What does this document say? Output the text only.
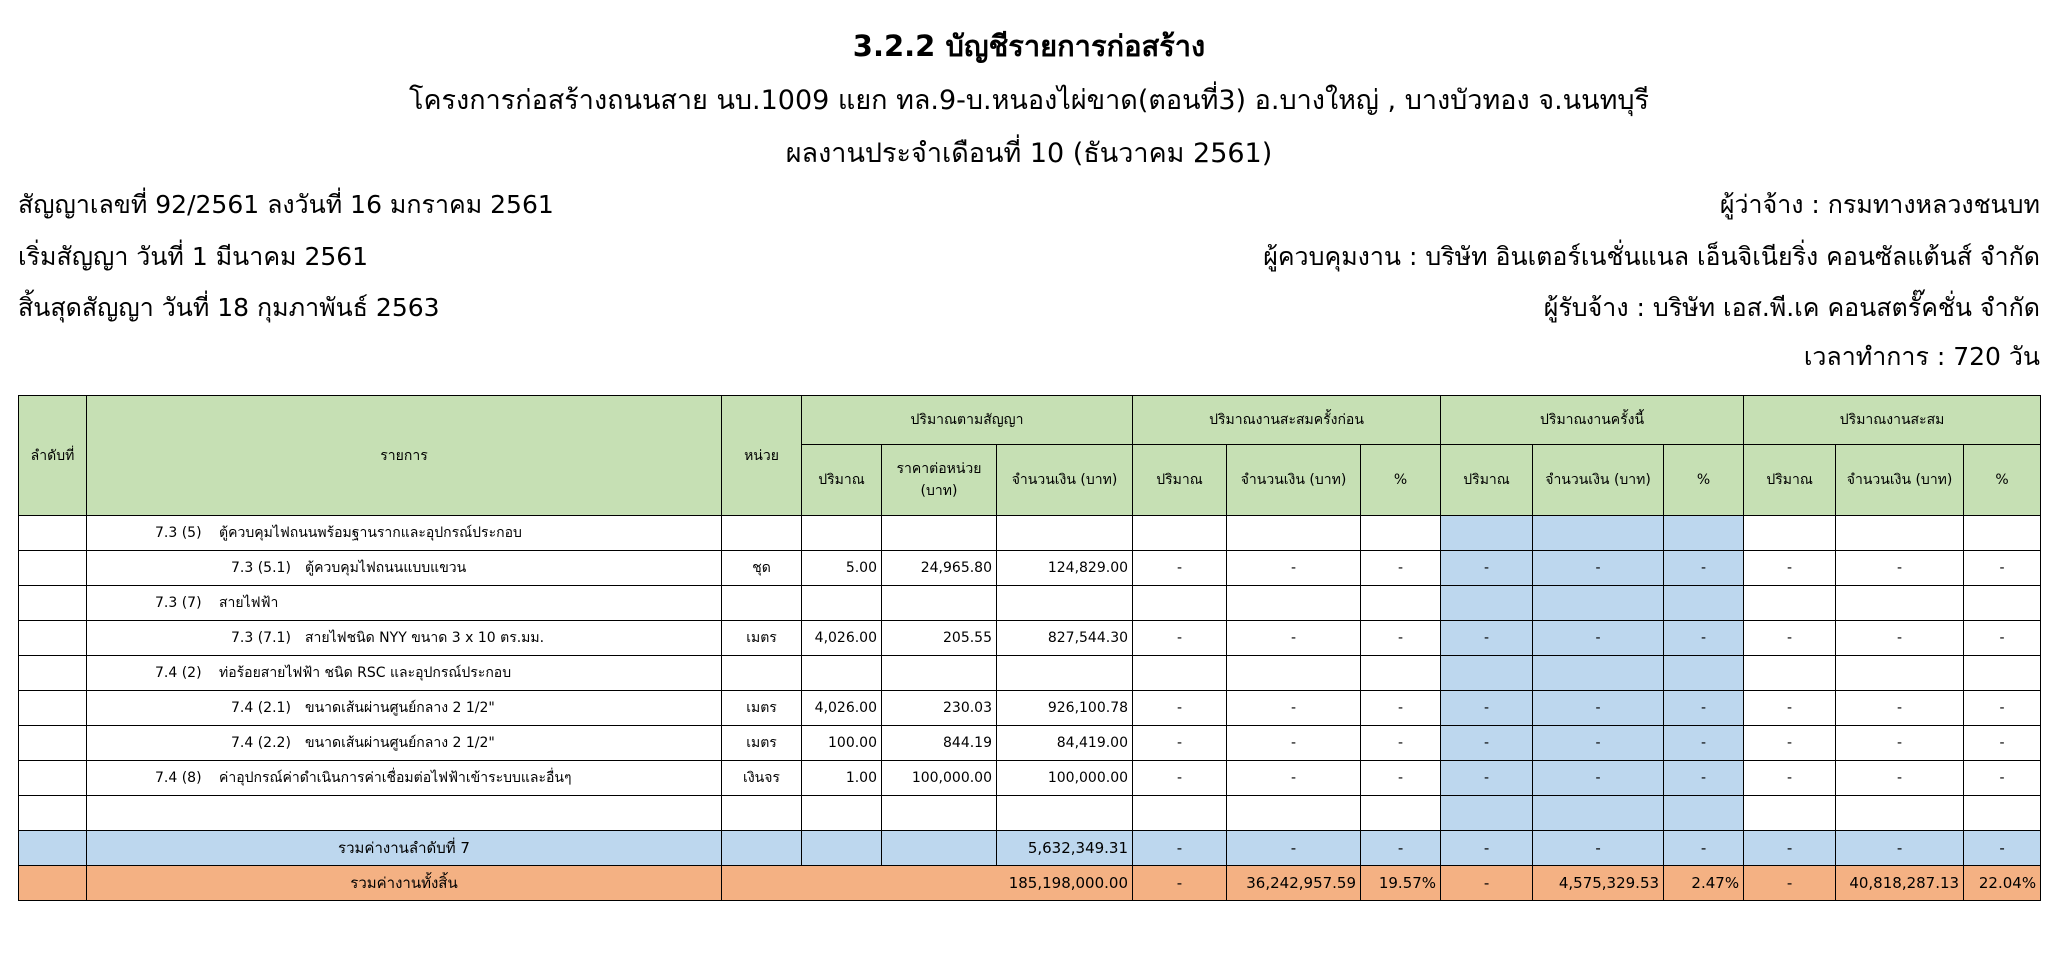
3.2.2 บัญชีรายการก่อสร้าง
โครงการก่อสร้างถนนสาย นบ.1009 แยก ทล.9-บ.หนองไผ่ขาด(ตอนที่3) อ.บางใหญ่ , บางบัวทอง จ.นนทบุรี
ผลงานประจำเดือนที่ 10 (ธันวาคม 2561)
สัญญาเลขที่ 92/2561 ลงวันที่ 16 มกราคม 2561
เริ่มสัญญา วันที่ 1 มีนาคม 2561
สิ้นสุดสัญญา วันที่ 18 กุมภาพันธ์ 2563
ผู้ว่าจ้าง : กรมทางหลวงชนบท
ผู้ควบคุมงาน : บริษัท อินเตอร์เนชั่นแนล เอ็นจิเนียริ่ง คอนซัลแต้นส์ จำกัด
ผู้รับจ้าง : บริษัท เอส.พี.เค คอนสตรั๊คชั่น จำกัด
เวลาทำการ : 720 วัน
ลำดับที่	รายการ	หน่วย	ปริมาณตามสัญญา			ปริมาณงานสะสมครั้งก่อน			ปริมาณงานครั้งนี้			ปริมาณงานสะสม		
			ปริมาณ	ราคาต่อหน่วย (บาท)	จำนวนเงิน (บาท)	ปริมาณ	จำนวนเงิน (บาท)	%	ปริมาณ	จำนวนเงิน (บาท)	%	ปริมาณ	จำนวนเงิน (บาท)	%
	7.3 (5) ตู้ควบคุมไฟถนนพร้อมฐานรากและอุปกรณ์ประกอบ													
	7.3 (5.1) ตู้ควบคุมไฟถนนแบบแขวน	ชุด	5.00	24,965.80	124,829.00	-	-	-	-	-	-	-	-	-
	7.3 (7) สายไฟฟ้า													
	7.3 (7.1) สายไฟชนิด NYY ขนาด 3 x 10 ตร.มม.	เมตร	4,026.00	205.55	827,544.30	-	-	-	-	-	-	-	-	-
	7.4 (2) ท่อร้อยสายไฟฟ้า ชนิด RSC และอุปกรณ์ประกอบ													
	7.4 (2.1) ขนาดเส้นผ่านศูนย์กลาง 2 1/2"	เมตร	4,026.00	230.03	926,100.78	-	-	-	-	-	-	-	-	-
	7.4 (2.2) ขนาดเส้นผ่านศูนย์กลาง 2 1/2"	เมตร	100.00	844.19	84,419.00	-	-	-	-	-	-	-	-	-
	7.4 (8) ค่าอุปกรณ์ค่าดำเนินการค่าเชื่อมต่อไฟฟ้าเข้าระบบและอื่นๆ	เงินจร	1.00	100,000.00	100,000.00	-	-	-	-	-	-	-	-	-

	รวมค่างานลำดับที่ 7				5,632,349.31	-	-	-	-	-	-	-	-	-
	รวมค่างานทั้งสิ้น	185,198,000.00				-	36,242,957.59	19.57%	-	4,575,329.53	2.47%	-	40,818,287.13	22.04%
